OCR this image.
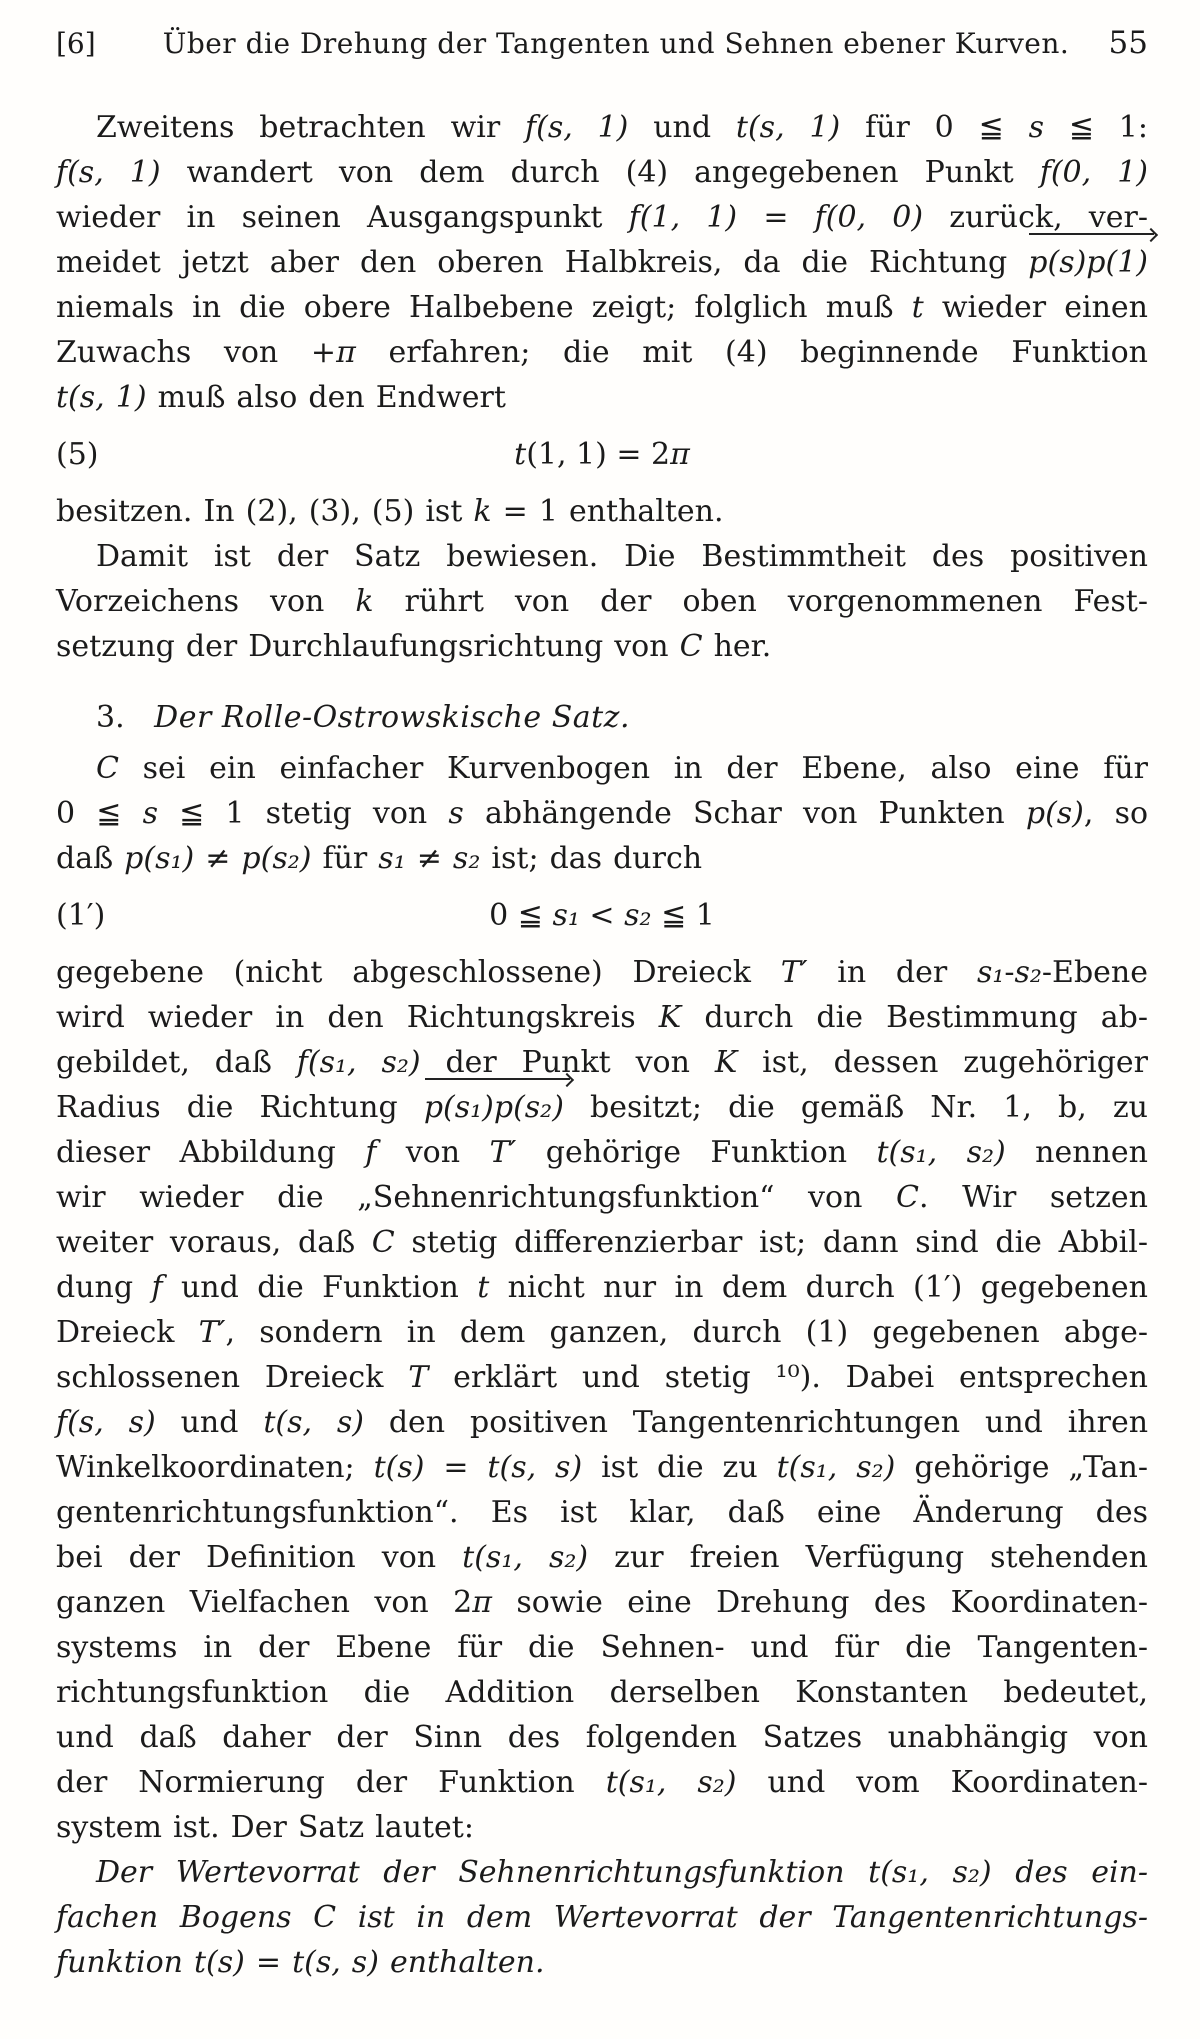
[6]	Über die Drehung der Tangenten und Sehnen ebener Kurven.	55
Zweitens betrachten wir f(s, 1) und t(s, 1) für 0 ≦ s ≦ 1:
f(s, 1) wandert von dem durch (4) angegebenen Punkt f(0, 1)
wieder in seinen Ausgangspunkt f(1, 1) = f(0, 0) zurück, ver-
meidet jetzt aber den oberen Halbkreis, da die Richtung
p(s)p(1)
niemals in die obere Halbebene zeigt; folglich muß t wieder einen
Zuwachs von +π erfahren; die mit (4) beginnende Funktion
t(s, 1) muß also den Endwert
(5)	t(1, 1) = 2π
besitzen. In (2), (3), (5) ist k = 1 enthalten.
Damit ist der Satz bewiesen. Die Bestimmtheit des positiven
Vorzeichens von k rührt von der oben vorgenommenen Fest-
setzung der Durchlaufungsrichtung von C her.
3. Der Rolle-Ostrowskische Satz.
C sei ein einfacher Kurvenbogen in der Ebene, also eine für
0 ≦ s ≦ 1 stetig von s abhängende Schar von Punkten p(s), so
daß p(s₁) ≠ p(s₂) für s₁ ≠ s₂ ist; das durch
(1′)	0 ≦ s₁ < s₂ ≦ 1
gegebene (nicht abgeschlossene) Dreieck T′ in der s₁-s₂-Ebene
wird wieder in den Richtungskreis K durch die Bestimmung ab-
gebildet, daß f(s₁, s₂) der Punkt von K ist, dessen zugehöriger
Radius die Richtung
p(s₁)p(s₂) besitzt; die gemäß Nr. 1, b, zu
dieser Abbildung f von T′ gehörige Funktion t(s₁, s₂) nennen
wir wieder die „Sehnenrichtungsfunktion“ von C. Wir setzen
weiter voraus, daß C stetig differenzierbar ist; dann sind die Abbil-
dung f und die Funktion t nicht nur in dem durch (1′) gegebenen
Dreieck T′, sondern in dem ganzen, durch (1) gegebenen abge-
schlossenen Dreieck T erklärt und stetig ¹⁰). Dabei entsprechen
f(s, s) und t(s, s) den positiven Tangentenrichtungen und ihren
Winkelkoordinaten; t(s) = t(s, s) ist die zu t(s₁, s₂) gehörige „Tan-
gentenrichtungsfunktion“. Es ist klar, daß eine Änderung des
bei der Definition von t(s₁, s₂) zur freien Verfügung stehenden
ganzen Vielfachen von 2π sowie eine Drehung des Koordinaten-
systems in der Ebene für die Sehnen- und für die Tangenten-
richtungsfunktion die Addition derselben Konstanten bedeutet,
und daß daher der Sinn des folgenden Satzes unabhängig von
der Normierung der Funktion t(s₁, s₂) und vom Koordinaten-
system ist. Der Satz lautet:
Der Wertevorrat der Sehnenrichtungsfunktion t(s₁, s₂) des ein-
fachen Bogens C ist in dem Wertevorrat der Tangentenrichtungs-
funktion t(s) = t(s, s) enthalten.
